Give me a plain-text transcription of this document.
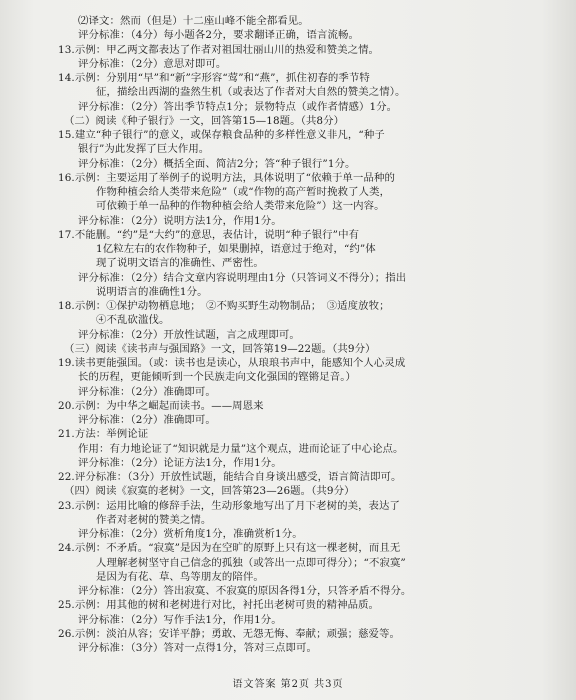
⑵译文：然而（但是）十二座山峰不能全都看见。
评分标准：（4分）每小题各2分，要求翻译正确，语言流畅。
13.示例：甲乙两文都表达了作者对祖国壮丽山川的热爱和赞美之情。
评分标准：（2分）意思对即可。
14.示例：分别用“早”和“新”字形容“莺”和“燕”，抓住初春的季节特
征，描绘出西湖的盎然生机（或表达了作者对大自然的赞美之情）。
评分标准：（2分）答出季节特点1分；景物特点（或作者情感）1分。
（二）阅读《种子银行》一文，回答第15—18题。（共8分）
15.建立“种子银行”的意义，或保存粮食品种的多样性意义非凡，“种子
银行”为此发挥了巨大作用。
评分标准：（2分）概括全面、简洁2分；答“种子银行”1分。
16.示例：主要运用了举例子的说明方法，具体说明了“依赖于单一品种的
作物种植会给人类带来危险”（或“作物的高产暂时挽救了人类，
可依赖于单一品种的作物种植会给人类带来危险”）这一内容。
评分标准：（2分）说明方法1分，作用1分。
17.不能删。“约”是“大约”的意思，表估计，说明“种子银行”中有
1亿粒左右的农作物种子，如果删掉，语意过于绝对，“约”体
现了说明文语言的准确性、严密性。
评分标准：（2分）结合文章内容说明理由1分（只答词义不得分）；指出
说明语言的准确性1分。
18.示例：①保护动物栖息地；　②不购买野生动物制品；　③适度放牧；
④不乱砍滥伐。
评分标准：（2分）开放性试题，言之成理即可。
（三）阅读《读书声与强国路》一文，回答第19—22题。（共9分）
19.读书更能强国。（或：读书也是读心，从琅琅书声中，能感知个人心灵成
长的历程，更能倾听到一个民族走向文化强国的铿锵足音。）
评分标准：（2分）准确即可。
20.示例：为中华之崛起而读书。——周恩来
评分标准：（2分）准确即可。
21.方法：举例论证
作用：有力地论证了“知识就是力量”这个观点，进而论证了中心论点。
评分标准：（2分）论证方法1分，作用1分。
22.评分标准：（3分）开放性试题，能结合自身谈出感受，语言简洁即可。
（四）阅读《寂寞的老树》一文，回答第23—26题。（共9分）
23.示例：运用比喻的修辞手法，生动形象地写出了月下老树的美，表达了
作者对老树的赞美之情。
评分标准：（2分）赏析角度1分，准确赏析1分。
24.示例：不矛盾。“寂寞”是因为在空旷的原野上只有这一棵老树，而且无
人理解老树坚守自己信念的孤独（或答出一点即可得分）；“不寂寞”
是因为有花、草、鸟等朋友的陪伴。
评分标准：（2分）答出寂寞、不寂寞的原因各得1分，只答矛盾不得分。
25.示例：用其他的树和老树进行对比，衬托出老树可贵的精神品质。
评分标准：（2分）写作手法1分，作用1分。
26.示例：淡泊从容；安详平静；勇敢、无怨无悔、奉献；顽强；慈爱等。
评分标准：（3分）答对一点得1分，答对三点即可。
语文答案 第2页 共3页
